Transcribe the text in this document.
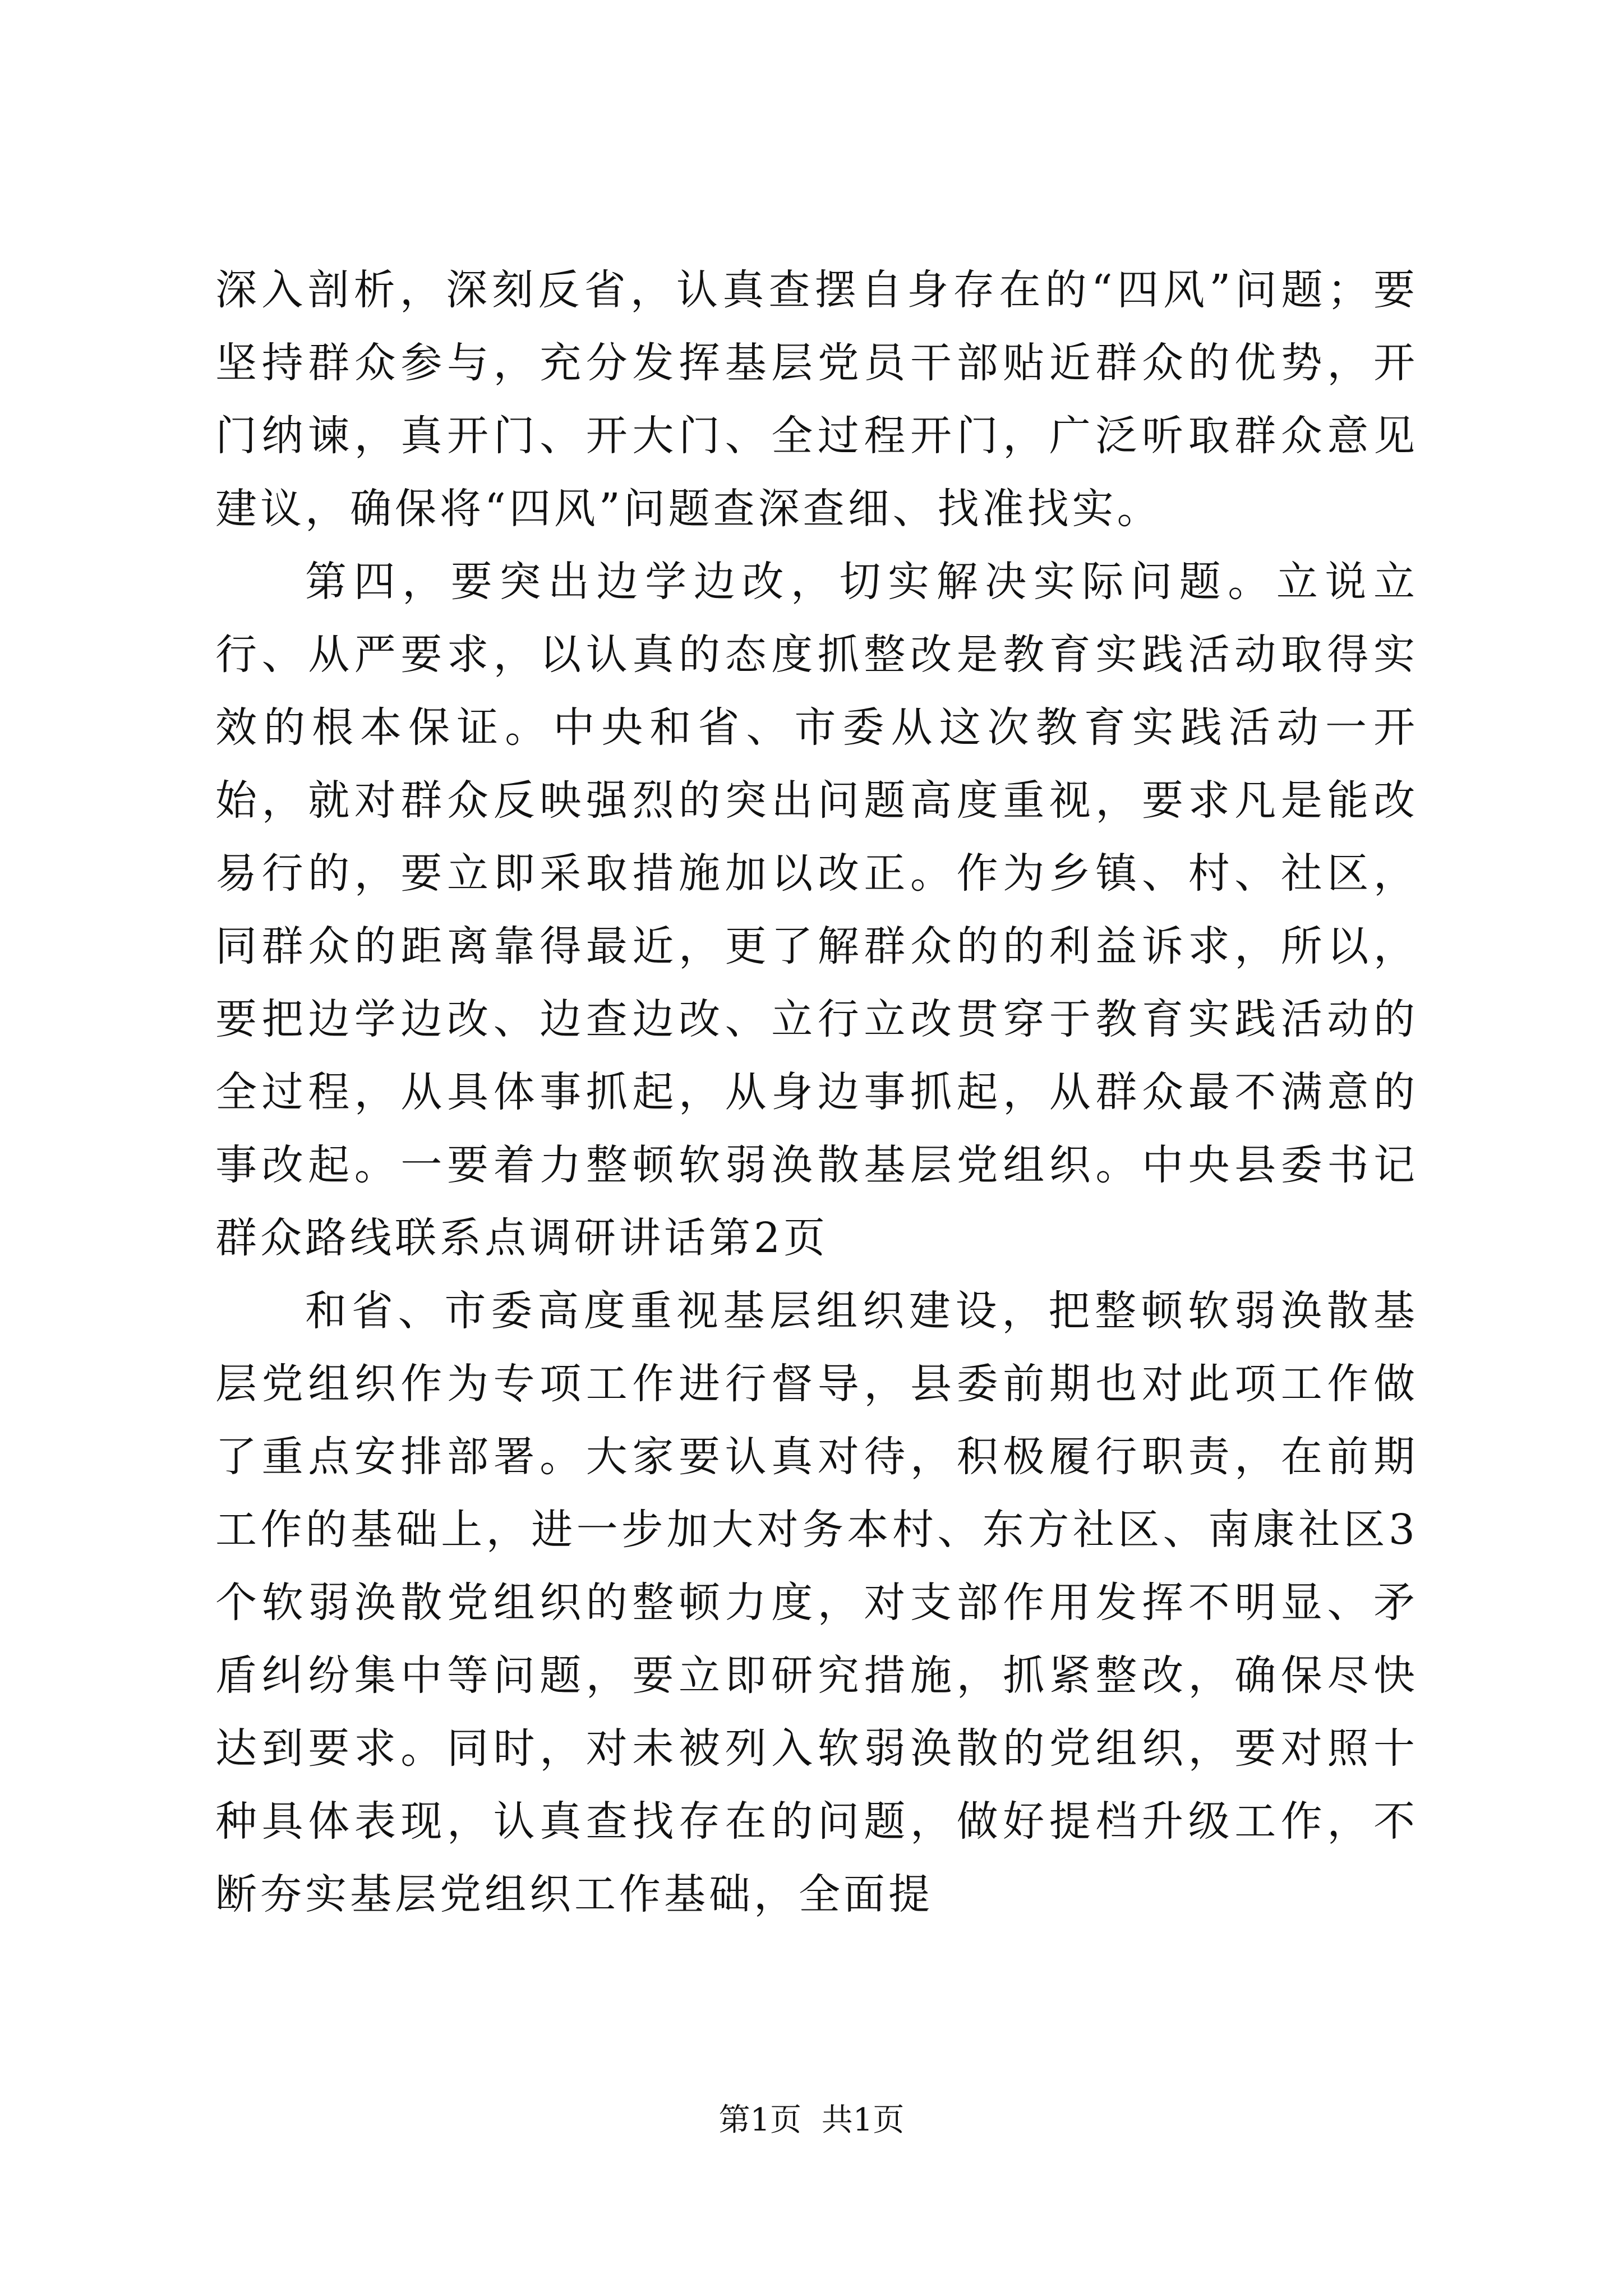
深入剖析，深刻反省，认真查摆自身存在的“四风”问题；要坚持群众参与，充分发挥基层党员干部贴近群众的优势，开门纳谏，真开门、开大门、全过程开门，广泛听取群众意见建议，确保将“四风”问题查深查细、找准找实。

第四，要突出边学边改，切实解决实际问题。立说立行、从严要求，以认真的态度抓整改是教育实践活动取得实效的根本保证。中央和省、市委从这次教育实践活动一开始，就对群众反映强烈的突出问题高度重视，要求凡是能改易行的，要立即采取措施加以改正。作为乡镇、村、社区，同群众的距离靠得最近，更了解群众的的利益诉求，所以，要把边学边改、边查边改、立行立改贯穿于教育实践活动的全过程，从具体事抓起，从身边事抓起，从群众最不满意的事改起。一要着力整顿软弱涣散基层党组织。中央县委书记群众路线联系点调研讲话第2页

和省、市委高度重视基层组织建设，把整顿软弱涣散基层党组织作为专项工作进行督导，县委前期也对此项工作做了重点安排部署。大家要认真对待，积极履行职责，在前期工作的基础上，进一步加大对务本村、东方社区、南康社区3个软弱涣散党组织的整顿力度，对支部作用发挥不明显、矛盾纠纷集中等问题，要立即研究措施，抓紧整改，确保尽快达到要求。同时，对未被列入软弱涣散的党组织，要对照十种具体表现，认真查找存在的问题，做好提档升级工作，不断夯实基层党组织工作基础，全面提

第1页 共1页
